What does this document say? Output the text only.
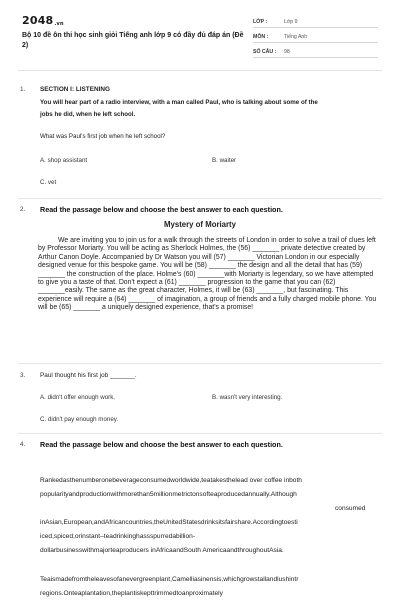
2048.vn
Bộ 10 đề ôn thi học sinh giỏi Tiếng anh lớp 9 có đầy đủ đáp án (Đề 2)
LỚP :	Lớp 9
MÔN :	Tiếng Anh
SỐ CÂU : 98
1. SECTION I: LISTENING
You will hear part of a radio interview, with a man called Paul, who is talking about some of the
jobs he did, when he left school.
What was Paul's first job when he left school?
A. shop assistant	B. waiter
C. vet
2. Read the passage below and choose the best answer to each question.
Mystery of Moriarty

We are inviting you to join us for a walk through the streets of London in order to solve a trail of clues left by Professor Moriarty. You will be acting as Sherlock Holmes, the (56) _______ private detective created by Arthur Canon Doyle. Accompanied by Dr Watson you will (57) _______ Victorian London in our especially designed venue for this bespoke game. You will be (58) _______ the design and all the detail that has (59) _______ the construction of the place. Holme's (60) _______with Moriarty is legendary, so we have attempted to give you a taste of that. Don't expect a (61) _______ progression to the game that you can (62) _______easily. The same as the great character, Holmes, it will be (63) _______, but fascinating. This experience will require a (64) _______ of imagination, a group of friends and a fully charged mobile phone. You will be (65) _______ a uniquely designed experience, that's a promise!

3. Paul thought his first job _______.
A. didn't offer enough work.	B. wasn't very interesting.
C. didn't pay enough money.
4. Read the passage below and choose the best answer to each question.
Rankedasthenumberonebeverageconsumedworldwide,teatakesthelead over coffee inboth
popularityandproductionwithmorethan5millionmetrictonsofteaproducedannually.Although
consumed
inAsian,European,andAfricancountries,theUnitedStatesdrinksitsfairshare.Accordingtoesti
iced,spiced,orinstant–teadrinkinghassspurredabillion-
dollarbusinesswithmajorteaproducers inAfricaandSouth AmericaandthroughoutAsia.
Teaismadefromtheleavesofanevergreenplant,Camelliasinensis,whichgrowstallandlushintr
regions.Onteaplantation,theplantiskepttrimmedtoanproximately
